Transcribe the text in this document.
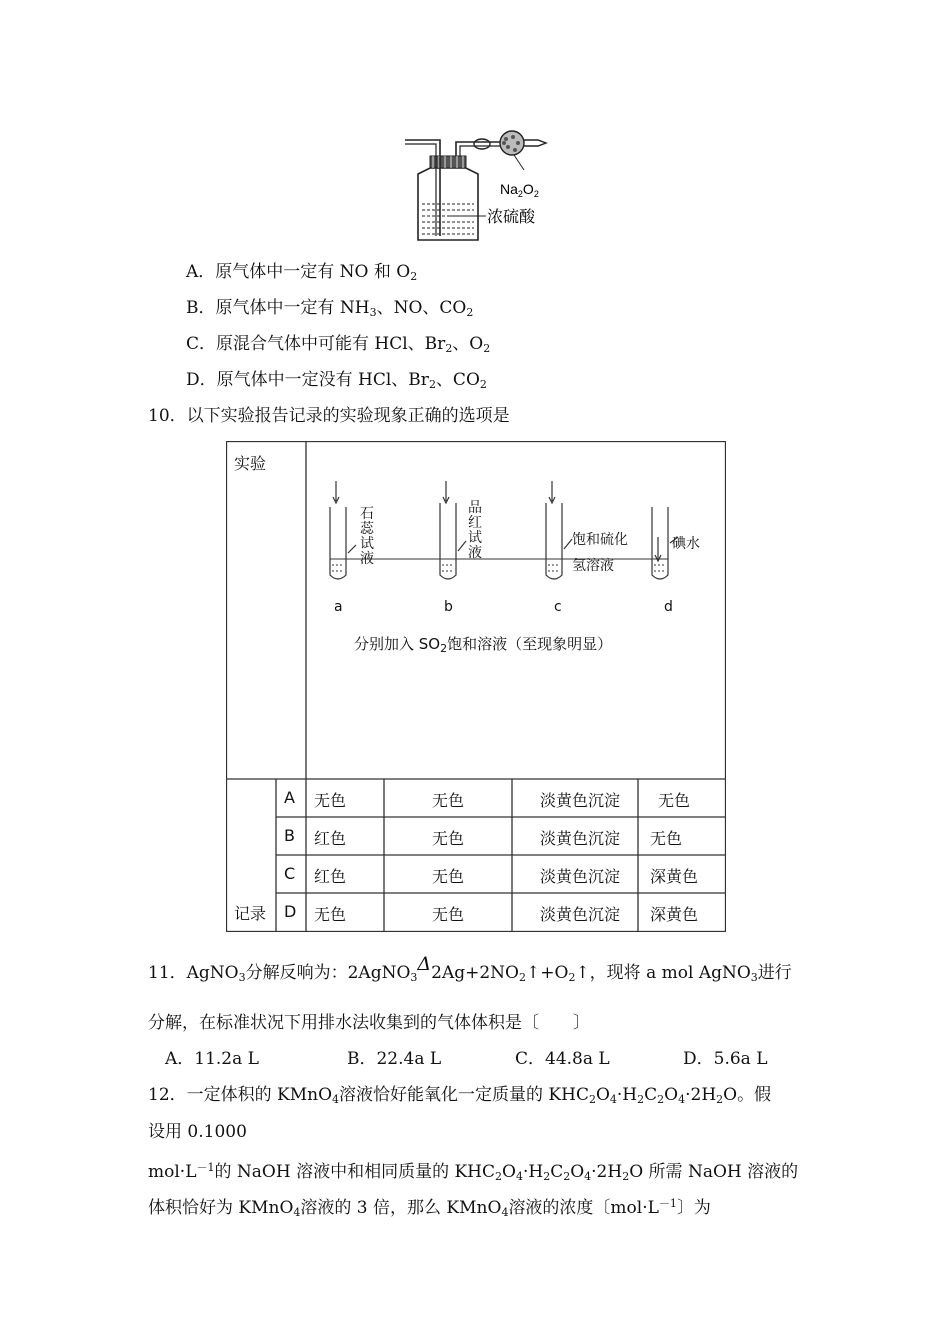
$Na_2O_2$
浓硫酸
A．原气体中一定有 NO 和 $O_2$
B．原气体中一定有 $NH_3$、NO、$CO_2$
C．原混合气体中可能有 HCl、$Br_2$、$O_2$
D．原气体中一定没有 HCl、$Br_2$、$CO_2$
10．以下实验报告记录的实验现象正确的选项是
实验
记录
石蕊试液
品红试液
饱和硫化
氢溶液
碘水
a	b	c	d
分别加入 $SO_2$饱和溶液（至现象明显）
A 无色	无色	淡黄色沉淀 无色
B 红色	无色	淡黄色沉淀 无色
C 红色	无色	淡黄色沉淀 深黄色
D 无色	无色	淡黄色沉淀 深黄色
11．AgNO$_3$分解反响为：$2AgNO_3\Delta 2Ag+2NO_2↑+O_2↑$，现将 a mol AgNO$_3$进行
分解，在标准状况下用排水法收集到的气体体积是〔　　〕
A．11.2a L	B．22.4a L	C．44.8a L	D．5.6a L
12．一定体积的 KMnO$_4$溶液恰好能氧化一定质量的 $KHC_2O_4\cdot H_2C_2O_4\cdot 2H_2O$。假
设用 0.1000
$mol\cdot L^{-1}$的 NaOH 溶液中和相同质量的 $KHC_2O_4\cdot H_2C_2O_4\cdot 2H_2O$ 所需 NaOH 溶液的
体积恰好为 KMnO$_4$溶液的 3 倍，那么 KMnO$_4$溶液的浓度〔$mol\cdot L^{-1}$〕为
